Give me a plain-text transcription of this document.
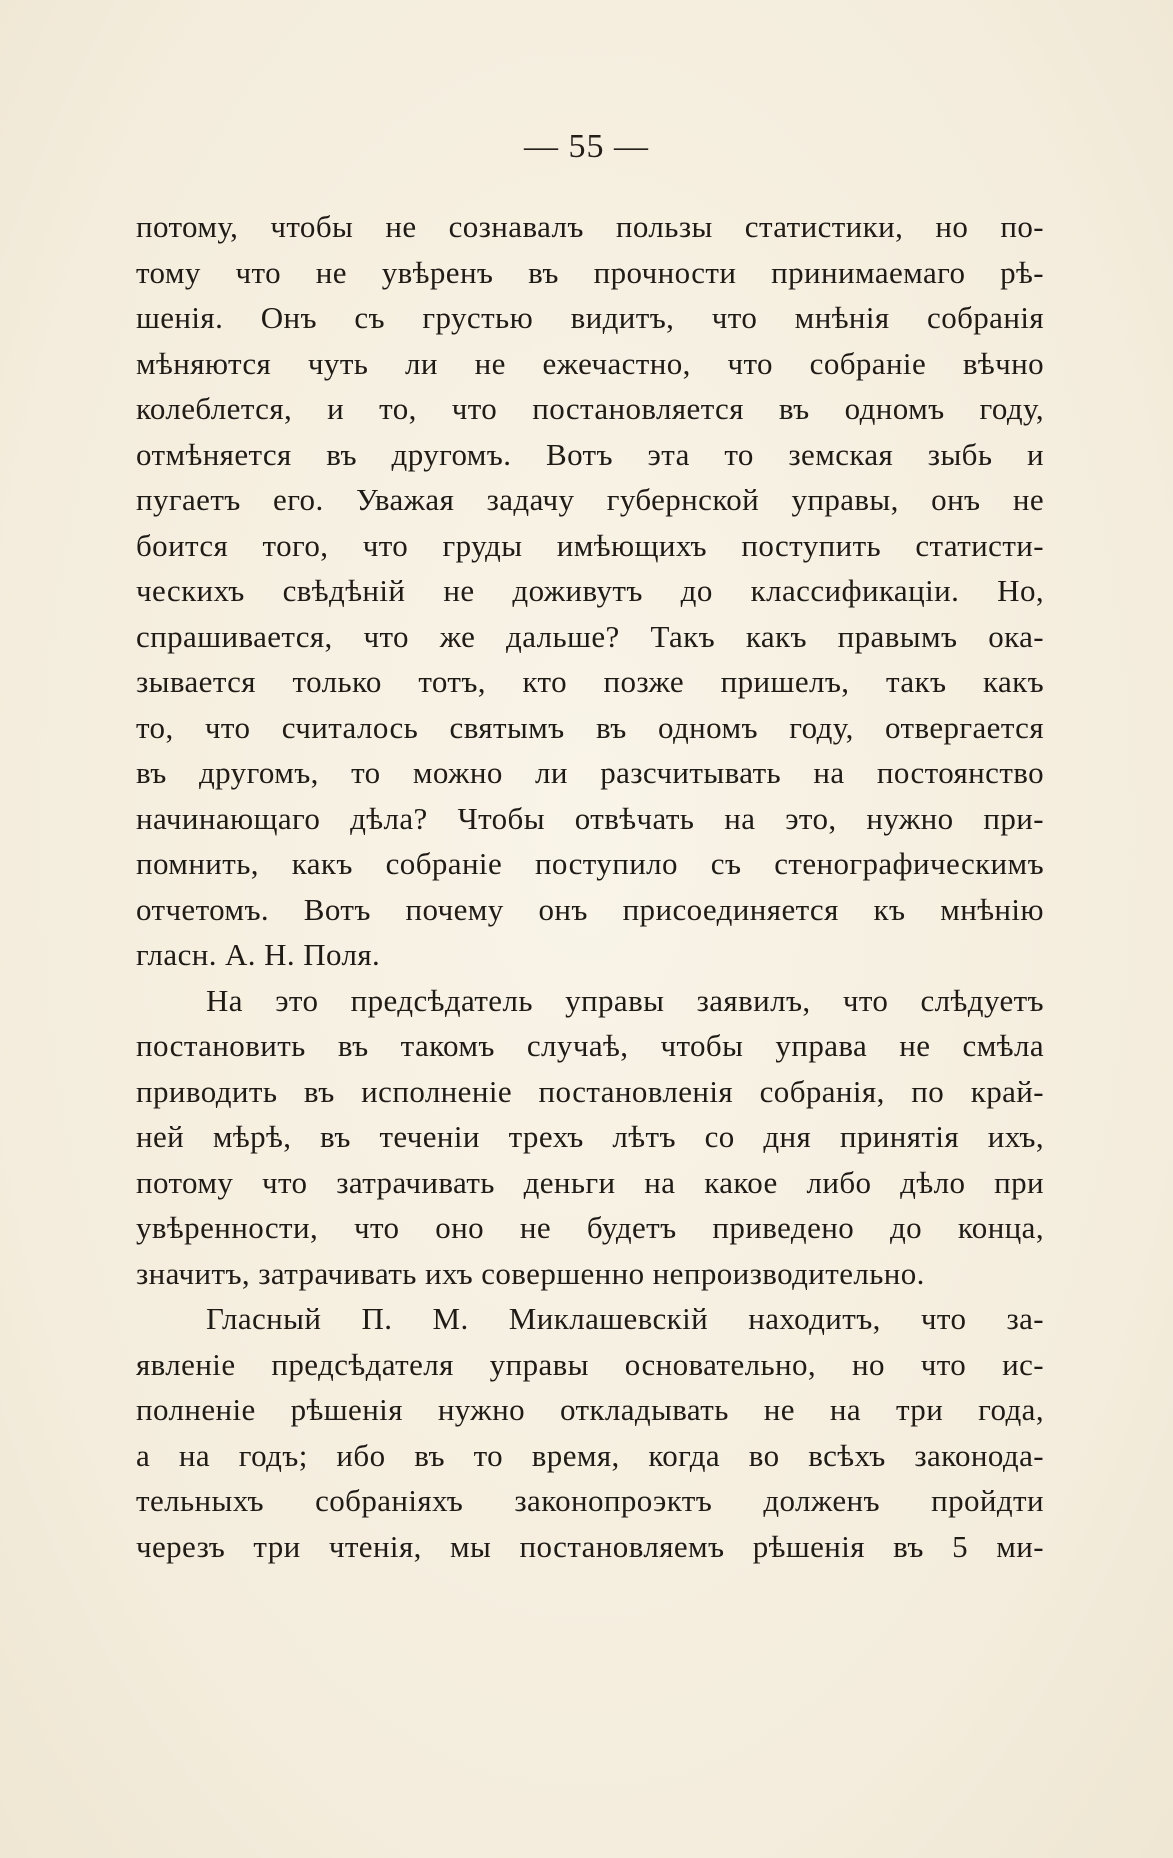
— 55 —
потому, чтобы не сознавалъ пользы статистики, но по-
тому что не увѣренъ въ прочности принимаемаго рѣ-
шенія. Онъ съ грустью видитъ, что мнѣнія собранія
мѣняются чуть ли не ежечастно, что собраніе вѣчно
колеблется, и то, что постановляется въ одномъ году,
отмѣняется въ другомъ. Вотъ эта то земская зыбь и
пугаетъ его. Уважая задачу губернской управы, онъ не
боится того, что груды имѣющихъ поступить статисти-
ческихъ свѣдѣній не доживутъ до классификаціи. Но,
спрашивается, что же дальше? Такъ какъ правымъ ока-
зывается только тотъ, кто позже пришелъ, такъ какъ
то, что считалось святымъ въ одномъ году, отвергается
въ другомъ, то можно ли разсчитывать на постоянство
начинающаго дѣла? Чтобы отвѣчать на это, нужно при-
помнить, какъ собраніе поступило съ стенографическимъ
отчетомъ. Вотъ почему онъ присоединяется къ мнѣнію
гласн. А. Н. Поля.
На это предсѣдатель управы заявилъ, что слѣдуетъ
постановить въ такомъ случаѣ, чтобы управа не смѣла
приводить въ исполненіе постановленія собранія, по край-
ней мѣрѣ, въ теченіи трехъ лѣтъ со дня принятія ихъ,
потому что затрачивать деньги на какое либо дѣло при
увѣренности, что оно не будетъ приведено до конца,
значитъ, затрачивать ихъ совершенно непроизводительно.
Гласный П. М. Миклашевскій находитъ, что за-
явленіе предсѣдателя управы основательно, но что ис-
полненіе рѣшенія нужно откладывать не на три года,
а на годъ; ибо въ то время, когда во всѣхъ законода-
тельныхъ собраніяхъ законопроэктъ долженъ пройдти
черезъ три чтенія, мы постановляемъ рѣшенія въ 5 ми-
